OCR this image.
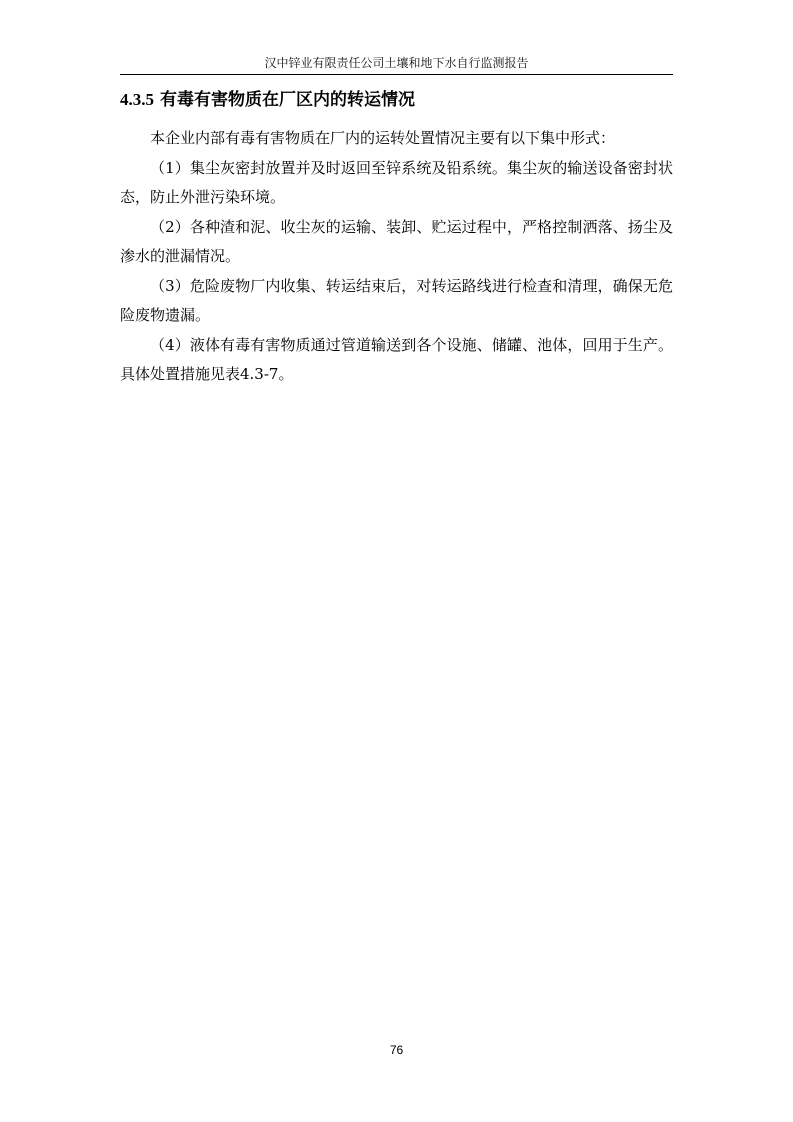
汉中锌业有限责任公司土壤和地下水自行监测报告
4.3.5 有毒有害物质在厂区内的转运情况

本企业内部有毒有害物质在厂内的运转处置情况主要有以下集中形式：

（1）集尘灰密封放置并及时返回至锌系统及铅系统。集尘灰的输送设备密封状态，防止外泄污染环境。

（2）各种渣和泥、收尘灰的运输、装卸、贮运过程中，严格控制洒落、扬尘及渗水的泄漏情况。

（3）危险废物厂内收集、转运结束后，对转运路线进行检查和清理，确保无危险废物遗漏。

（4）液体有毒有害物质通过管道输送到各个设施、储罐、池体，回用于生产。具体处置措施见表4.3-7。

76
